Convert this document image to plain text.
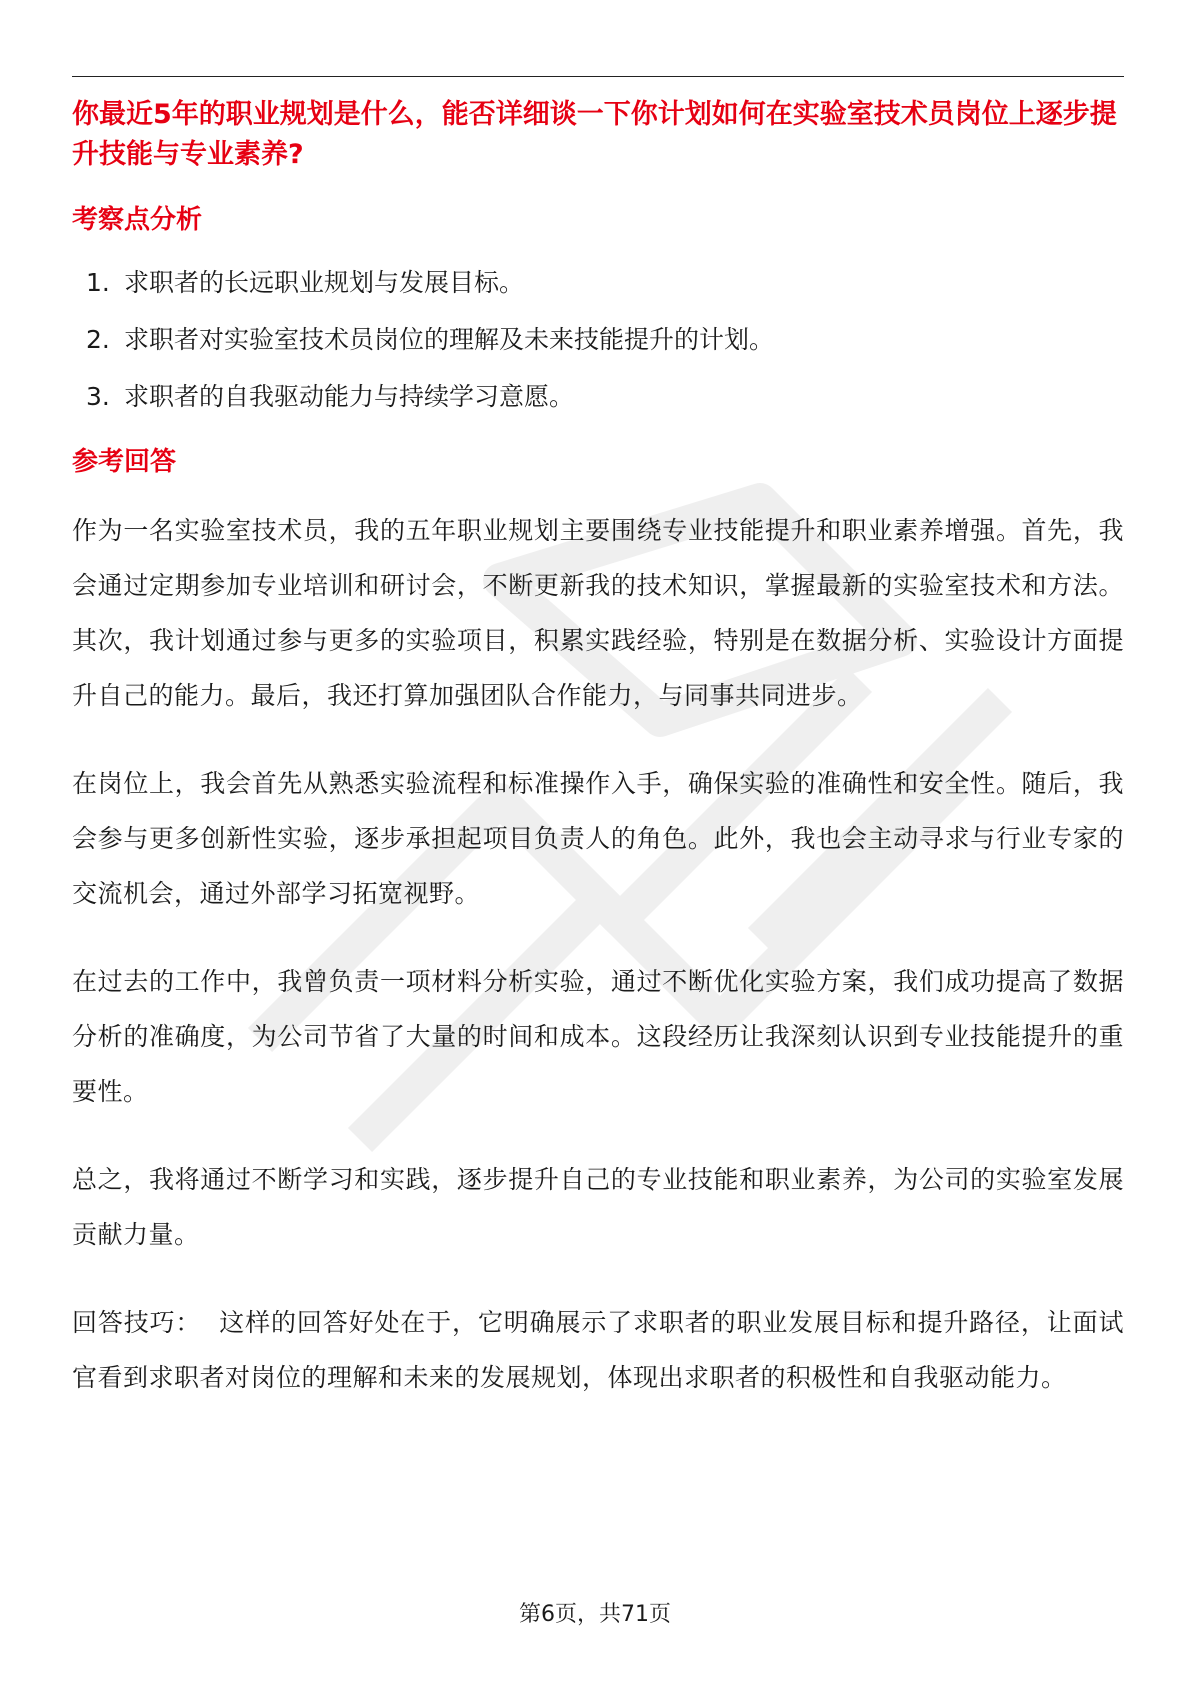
你最近5年的职业规划是什么，能否详细谈一下你计划如何在实验室技术员岗位上逐步提升技能与专业素养?
考察点分析
1. 求职者的长远职业规划与发展目标。
2. 求职者对实验室技术员岗位的理解及未来技能提升的计划。
3. 求职者的自我驱动能力与持续学习意愿。
参考回答

作为一名实验室技术员，我的五年职业规划主要围绕专业技能提升和职业素养增强。首先，我会通过定期参加专业培训和研讨会，不断更新我的技术知识，掌握最新的实验室技术和方法。其次，我计划通过参与更多的实验项目，积累实践经验，特别是在数据分析、实验设计方面提升自己的能力。最后，我还打算加强团队合作能力，与同事共同进步。

在岗位上，我会首先从熟悉实验流程和标准操作入手，确保实验的准确性和安全性。随后，我会参与更多创新性实验，逐步承担起项目负责人的角色。此外，我也会主动寻求与行业专家的交流机会，通过外部学习拓宽视野。

在过去的工作中，我曾负责一项材料分析实验，通过不断优化实验方案，我们成功提高了数据分析的准确度，为公司节省了大量的时间和成本。这段经历让我深刻认识到专业技能提升的重要性。

总之，我将通过不断学习和实践，逐步提升自己的专业技能和职业素养，为公司的实验室发展贡献力量。

回答技巧： 这样的回答好处在于，它明确展示了求职者的职业发展目标和提升路径，让面试官看到求职者对岗位的理解和未来的发展规划，体现出求职者的积极性和自我驱动能力。

第6页，共71页
